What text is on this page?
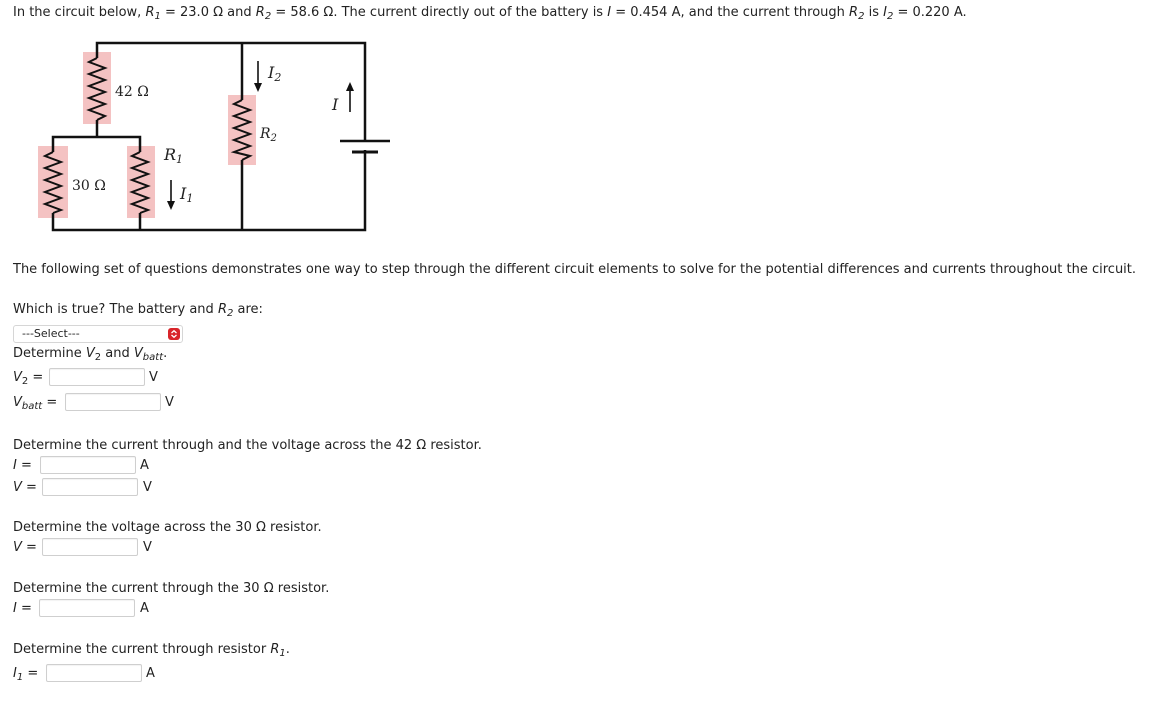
In the circuit below, $R_1 = 23.0$ Ω and $R_2 = 58.6$ Ω. The current directly out of the battery is I = 0.454 A, and the current through $R_2$ is $I_2 = 0.220$ A.
42 Ω
30 Ω
R1
$R_2$
I1
I2
I
The following set of questions demonstrates one way to step through the different circuit elements to solve for the potential differences and currents throughout the circuit.
Which is true? The battery and $R_2$ are:
---Select---
Determine $V_2$ and $V_{batt}$.
$V_2$ =	V
$V_{batt}$ =	V
Determine the current through and the voltage across the 42 Ω resistor.
I =	A
V =	V
Determine the voltage across the 30 Ω resistor.
V =	V
Determine the current through the 30 Ω resistor.
I =	A
Determine the current through resistor $R_1$.
$I_1$ =	A
